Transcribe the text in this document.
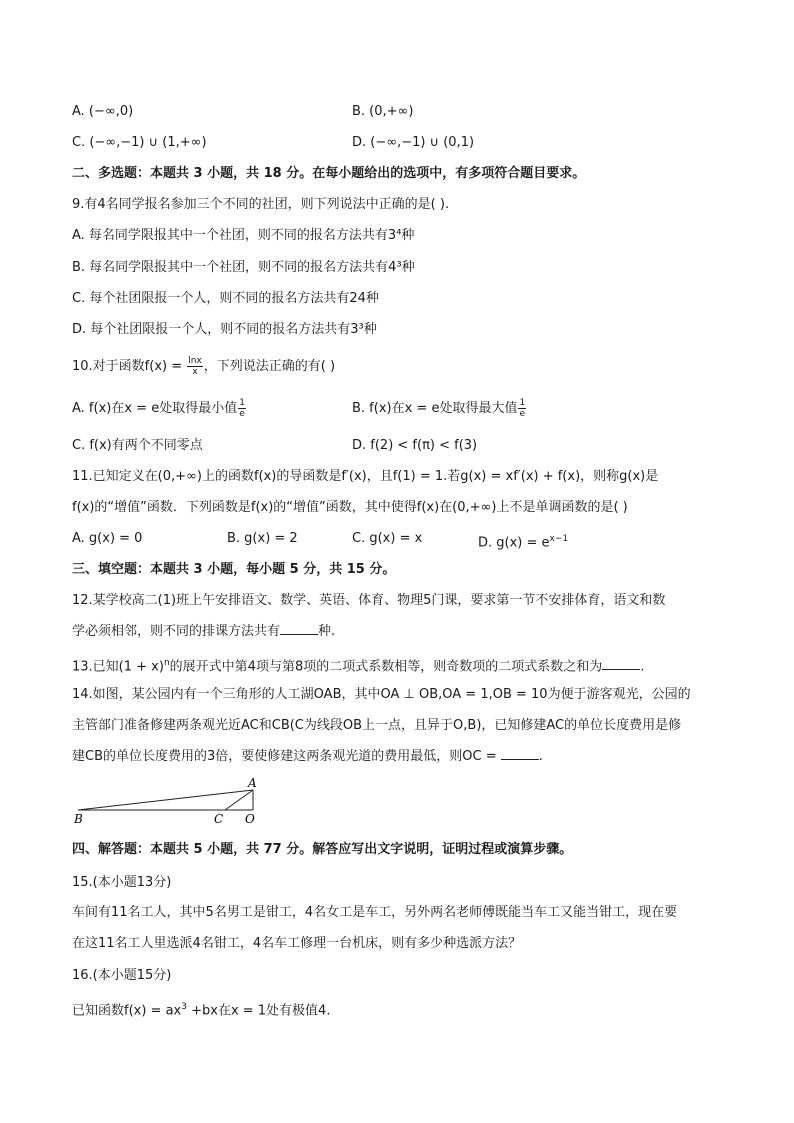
A. (−∞,0)	B. (0,+∞)
C. (−∞,−1) ∪ (1,+∞)	D. (−∞,−1) ∪ (0,1)
二、多选题：本题共 3 小题，共 18 分。在每小题给出的选项中，有多项符合题目要求。
9.有4名同学报名参加三个不同的社团，则下列说法中正确的是( ).
A. 每名同学限报其中一个社团，则不同的报名方法共有3⁴种
B. 每名同学限报其中一个社团，则不同的报名方法共有4³种
C. 每个社团限报一个人，则不同的报名方法共有24种
D. 每个社团限报一个人，则不同的报名方法共有3³种
10.对于函数$f(x) = \frac{\ln x}{x}$ ，下列说法正确的有( )
A. f(x)在x = e处取得最小值 $\frac{1}{e}$	B. f(x)在x = e处取得最大值 $\frac{1}{e}$
C. f(x)有两个不同零点	D. f(2) < f(π) < f(3)
11.已知定义在(0,+∞)上的函数f(x)的导函数是f′(x)，且f(1) = 1.若g(x) = xf′(x) + f(x)，则称g(x)是
f(x)的“增值”函数．下列函数是f(x)的“增值”函数，其中使得f(x)在(0,+∞)上不是单调函数的是( )
A. g(x) = 0	B. g(x) = 2	C. g(x) = x	D. $g(x) = e^{x-1}$
三、填空题：本题共 3 小题，每小题 5 分，共 15 分。
12.某学校高二(1)班上午安排语文、数学、英语、体育、物理5门课，要求第一节不安排体育，语文和数
学必须相邻，则不同的排课方法共有	种.
13.已知$(1 + x)^n$的展开式中第4项与第8项的二项式系数相等，则奇数项的二项式系数之和为	.
14.如图，某公园内有一个三角形的人工湖OAB，其中OA ⊥ OB,OA = 1,OB = 10为便于游客观光，公园的
主管部门准备修建两条观光近AC和CB(C为线段OB上一点，且异于O,B)，已知修建AC的单位长度费用是修
建CB的单位长度费用的3倍，要使修建这两条观光道的费用最低，则OC =	.
A
B	C O
四、解答题：本题共 5 小题，共 77 分。解答应写出文字说明，证明过程或演算步骤。
15.(本小题13分)
车间有11名工人，其中5名男工是钳工，4名女工是车工，另外两名老师傅既能当车工又能当钳工，现在要
在这11名工人里选派4名钳工，4名车工修理一台机床，则有多少种选派方法？
16.(本小题15分)
已知函数$f(x) = ax^3 +bx$在x = 1处有极值4.
